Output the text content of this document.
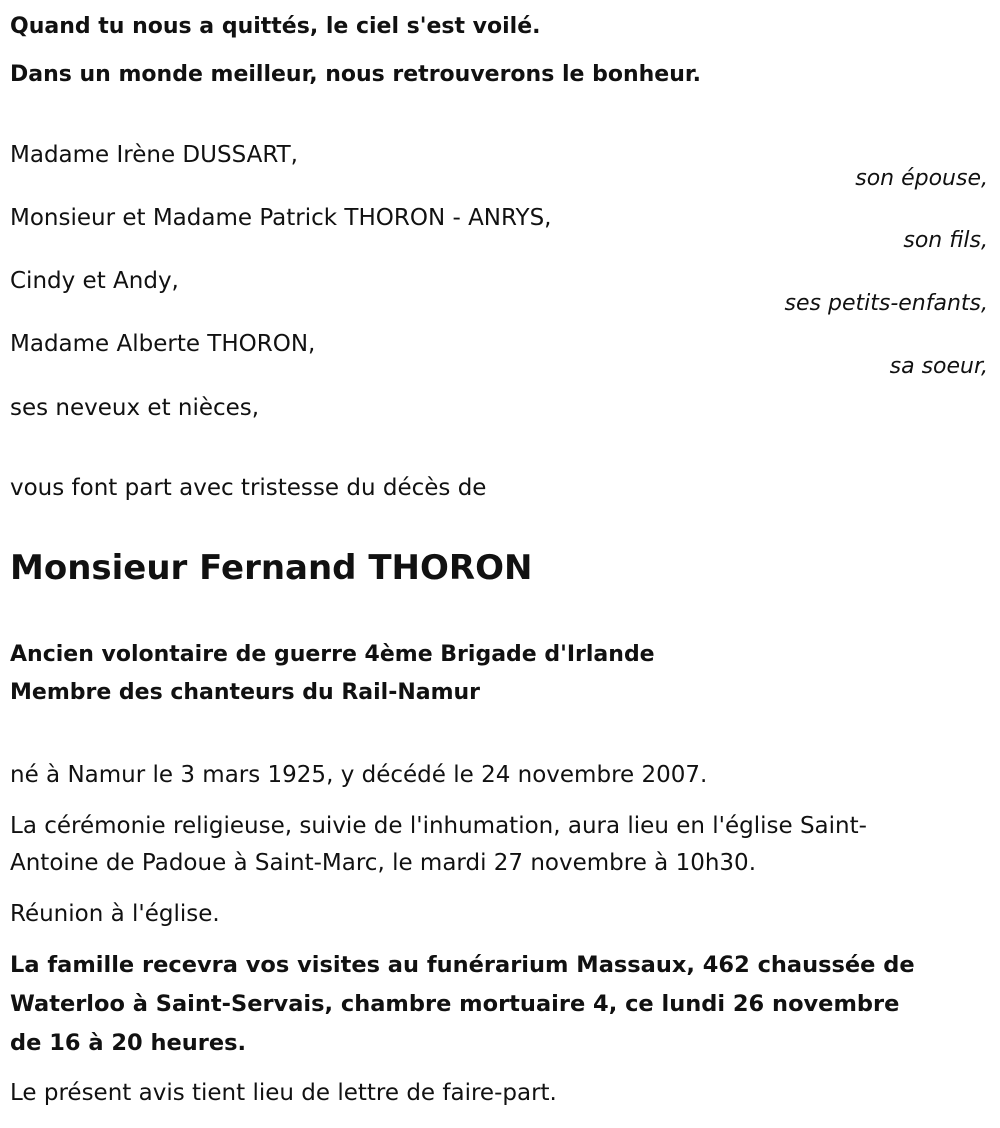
Quand tu nous a quittés, le ciel s'est voilé.
Dans un monde meilleur, nous retrouverons le bonheur.
Madame Irène DUSSART,
son épouse,
Monsieur et Madame Patrick THORON - ANRYS,
son fils,
Cindy et Andy,
ses petits-enfants,
Madame Alberte THORON,
sa soeur,
ses neveux et nièces,
vous font part avec tristesse du décès de
Monsieur Fernand THORON
Ancien volontaire de guerre 4ème Brigade d'Irlande
Membre des chanteurs du Rail-Namur
né à Namur le 3 mars 1925, y décédé le 24 novembre 2007.
La cérémonie religieuse, suivie de l'inhumation, aura lieu en l'église Saint-
Antoine de Padoue à Saint-Marc, le mardi 27 novembre à 10h30.
Réunion à l'église.
La famille recevra vos visites au funérarium Massaux, 462 chaussée de
Waterloo à Saint-Servais, chambre mortuaire 4, ce lundi 26 novembre
de 16 à 20 heures.
Le présent avis tient lieu de lettre de faire-part.
